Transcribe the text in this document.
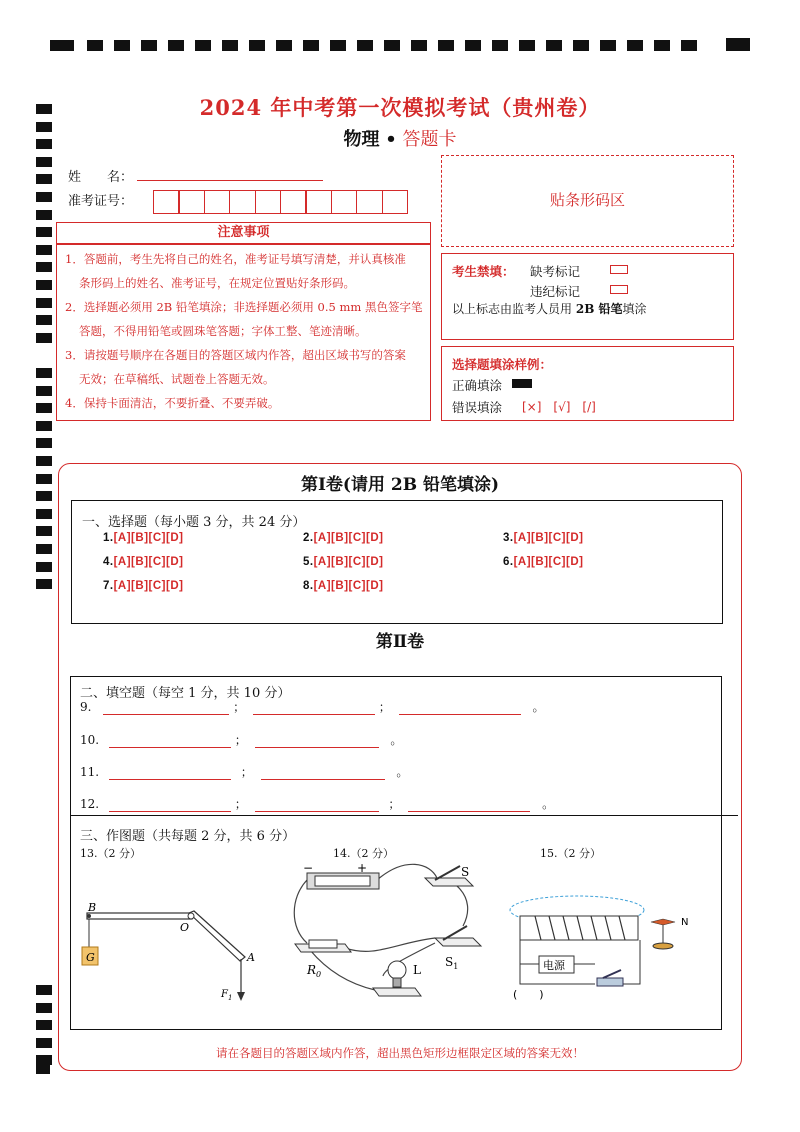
2024 年中考第一次模拟考试（贵州卷）
物理 • 答题卡
姓　　名：
准考证号：	贴条形码区
注意事项
1．答题前，考生先将自己的姓名，准考证号填写清楚，并认真核准
条形码上的姓名、准考证号，在规定位置贴好条形码。
2．选择题必须用 2B 铅笔填涂；非选择题必须用 0.5 mm 黑色签字笔
答题，不得用铅笔或圆珠笔答题；字体工整、笔迹清晰。
3．请按题号顺序在各题目的答题区域内作答，超出区域书写的答案
无效；在草稿纸、试题卷上答题无效。
4．保持卡面清洁，不要折叠、不要弄破。
考生禁填： 缺考标记
违纪标记
以上标志由监考人员用 2B 铅笔填涂
选择题填涂样例：
正确填涂
错误填涂 [×]　[√]　[/]
第Ⅰ卷(请用 2B 铅笔填涂)
一、选择题（每小题 3 分，共 24 分）
1.[A][B][C][D]	2.[A][B][C][D]	3.[A][B][C][D]
4.[A][B][C][D]	5.[A][B][C][D]	6.[A][B][C][D]
7.[A][B][C][D]	8.[A][B][C][D]
第Ⅱ卷
二、填空题（每空 1 分，共 10 分）
9.	；	；	。
10.	；	。
11.	；	。
12.	；	；	。
三、作图题（共每题 2 分，共 6 分）
13.（2 分）	14.（2 分）	15.（2 分）
B
O
A
G
$F_1$
−	+	S
$S_1$
$R_0$	L	电源
(　　)
N
请在各题目的答题区域内作答，超出黑色矩形边框限定区域的答案无效！
